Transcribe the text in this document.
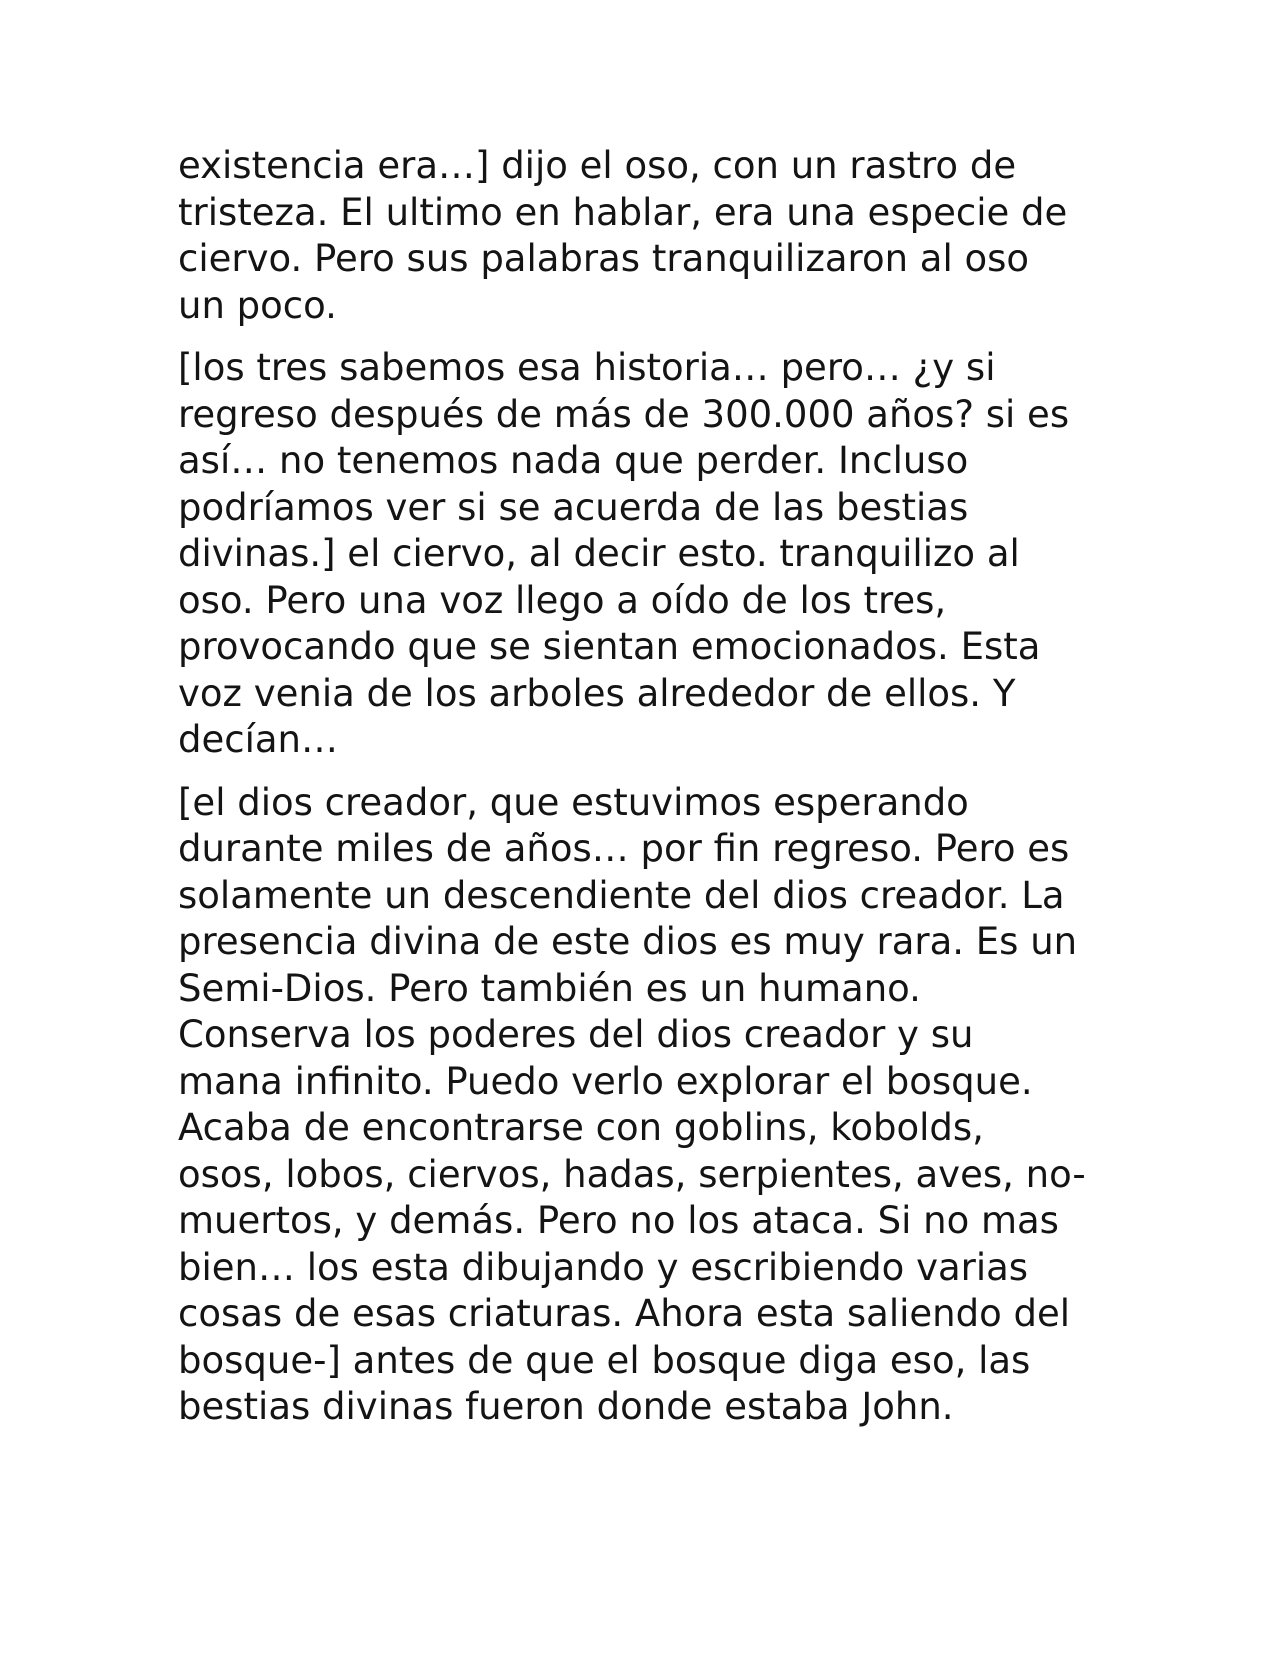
existencia era…] dijo el oso, con un rastro de
tristeza. El ultimo en hablar, era una especie de
ciervo. Pero sus palabras tranquilizaron al oso
un poco.

[los tres sabemos esa historia… pero… ¿y si
regreso después de más de 300.000 años? si es
así… no tenemos nada que perder. Incluso
podríamos ver si se acuerda de las bestias
divinas.] el ciervo, al decir esto. tranquilizo al
oso. Pero una voz llego a oído de los tres,
provocando que se sientan emocionados. Esta
voz venia de los arboles alrededor de ellos. Y
decían…

[el dios creador, que estuvimos esperando
durante miles de años… por fin regreso. Pero es
solamente un descendiente del dios creador. La
presencia divina de este dios es muy rara. Es un
Semi-Dios. Pero también es un humano.
Conserva los poderes del dios creador y su
mana infinito. Puedo verlo explorar el bosque.
Acaba de encontrarse con goblins, kobolds,
osos, lobos, ciervos, hadas, serpientes, aves, no-
muertos, y demás. Pero no los ataca. Si no mas
bien… los esta dibujando y escribiendo varias
cosas de esas criaturas. Ahora esta saliendo del
bosque-] antes de que el bosque diga eso, las
bestias divinas fueron donde estaba John.
